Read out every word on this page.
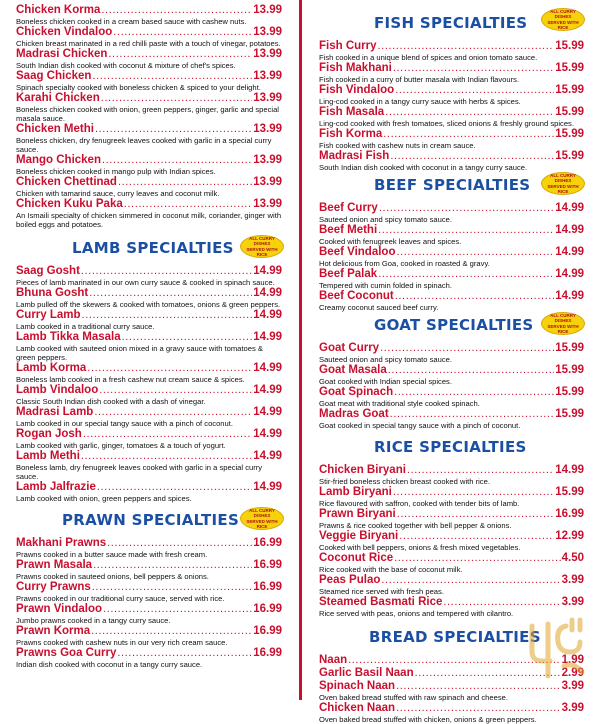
Chicken Korma .....	13.99
Boneless chicken cooked in a cream based sauce with cashew nuts.
Chicken Vindaloo .....	13.99
Chicken breast marinated in a red chilli paste with a touch of vinegar, potatoes.
Madrasi Chicken .....	13.99
South Indian dish cooked with coconut & mixture of chef's spices.
Saag Chicken .....	13.99
Spinach specialty cooked with boneless chicken & spiced to your delight.
Karahi Chicken .....	13.99
Boneless chicken cooked with onion, green peppers, ginger, garlic and special masala sauce.
Chicken Methi .....	13.99
Boneless chicken, dry fenugreek leaves cooked with garlic in a special curry sauce.
Mango Chicken .....	13.99
Boneless chicken cooked in mango pulp with Indian spices.
Chicken Chettinad .....	13.99
Chicken with tamarind sauce, curry leaves and coconut milk.
Chicken Kuku Paka .....	13.99
An Ismaili specialty of chicken simmered in coconut milk, coriander, ginger with boiled eggs and potatoes.
LAMB SPECIALTIES
ALL CURRY DISHES SERVED WITH RICE
Saag Gosht .....	14.99
Pieces of lamb marinated in our own curry sauce & cooked in spinach sauce.
Bhuna Gosht .....	14.99
Lamb pulled off the skewers & cooked with tomatoes, onions & green peppers.
Curry Lamb .....	14.99
Lamb cooked in a traditional curry sauce.
Lamb Tikka Masala .....	14.99
Lamb cooked with sauteed onion mixed in a gravy sauce with tomatoes & green peppers.
Lamb Korma .....	14.99
Boneless lamb cooked in a fresh cashew nut cream sauce & spices.
Lamb Vindaloo .....	14.99
Classic South Indian dish cooked with a dash of vinegar.
Madrasi Lamb .....	14.99
Lamb cooked in our special tangy sauce with a pinch of coconut.
Rogan Josh .....	14.99
Lamb cooked with garlic, ginger, tomatoes & a touch of yogurt.
Lamb Methi .....	14.99
Boneless lamb, dry fenugreek leaves cooked with garlic in a special curry sauce.
Lamb Jalfrazie .....	14.99
Lamb cooked with onion, green peppers and spices.
PRAWN SPECIALTIES
ALL CURRY DISHES SERVED WITH RICE
Makhani Prawns .....	16.99
Prawns cooked in a butter sauce made with fresh cream.
Prawn Masala .....	16.99
Prawns cooked in sauteed onions, bell peppers & onions.
Curry Prawns .....	16.99
Prawns cooked in our traditional curry sauce, served with rice.
Prawn Vindaloo .....	16.99
Jumbo prawns cooked in a tangy curry sauce.
Prawn Korma .....	16.99
Prawns cooked with cashew nuts in our very rich cream sauce.
Prawns Goa Curry .....	16.99
Indian dish cooked with coconut in a tangy curry sauce.
FISH SPECIALTIES
ALL CURRY DISHES SERVED WITH RICE
Fish Curry .....	15.99
Fish cooked in a unique blend of spices and onion tomato sauce.
Fish Makhani .....	15.99
Fish cooked in a curry of butter masala with Indian flavours.
Fish Vindaloo .....	15.99
Ling-cod cooked in a tangy curry sauce with herbs & spices.
Fish Masala .....	15.99
Ling-cod cooked with fresh tomatoes, sliced onions & freshly ground spices.
Fish Korma .....	15.99
Fish cooked with cashew nuts in cream sauce.
Madrasi Fish .....	15.99
South Indian dish cooked with coconut in a tangy curry sauce.
BEEF SPECIALTIES
ALL CURRY DISHES SERVED WITH RICE
Beef Curry .....	14.99
Sauteed onion and spicy tomato sauce.
Beef Methi .....	14.99
Cooked with fenugreek leaves and spices.
Beef Vindaloo .....	14.99
Hot delicious from Goa, cooked in roasted & gravy.
Beef Palak .....	14.99
Tempered with cumin folded in spinach.
Beef Coconut .....	14.99
Creamy coconut sauced beef curry.
GOAT SPECIALTIES
ALL CURRY DISHES SERVED WITH RICE
Goat Curry .....	15.99
Sauteed onion and spicy tomato sauce.
Goat Masala .....	15.99
Goat cooked with Indian special spices.
Goat Spinach .....	15.99
Goat meat with traditional style cooked spinach.
Madras Goat .....	15.99
Goat cooked in special tangy sauce with a pinch of coconut.
RICE SPECIALTIES
Chicken Biryani .....	14.99
Stir-fried boneless chicken breast cooked with rice.
Lamb Biryani .....	15.99
Rice flavoured with saffron, cooked with tender bits of lamb.
Prawn Biryani .....	16.99
Prawns & rice cooked together with bell pepper & onions.
Veggie Biryani .....	12.99
Cooked with bell peppers, onions & fresh mixed vegetables.
Coconut Rice .....	4.50
Rice cooked with the base of coconut milk.
Peas Pulao .....	3.99
Steamed rice served with fresh peas.
Steamed Basmati Rice .....	3.99
Rice served with peas, onions and tempered with cilantro.
BREAD SPECIALTIES
Naan .....	1.99
Garlic Basil Naan .....	2.99
Spinach Naan .....	3.99
Oven baked bread stuffed with raw spinach and cheese.
Chicken Naan .....	3.99
Oven baked bread stuffed with chicken, onions & green peppers.
